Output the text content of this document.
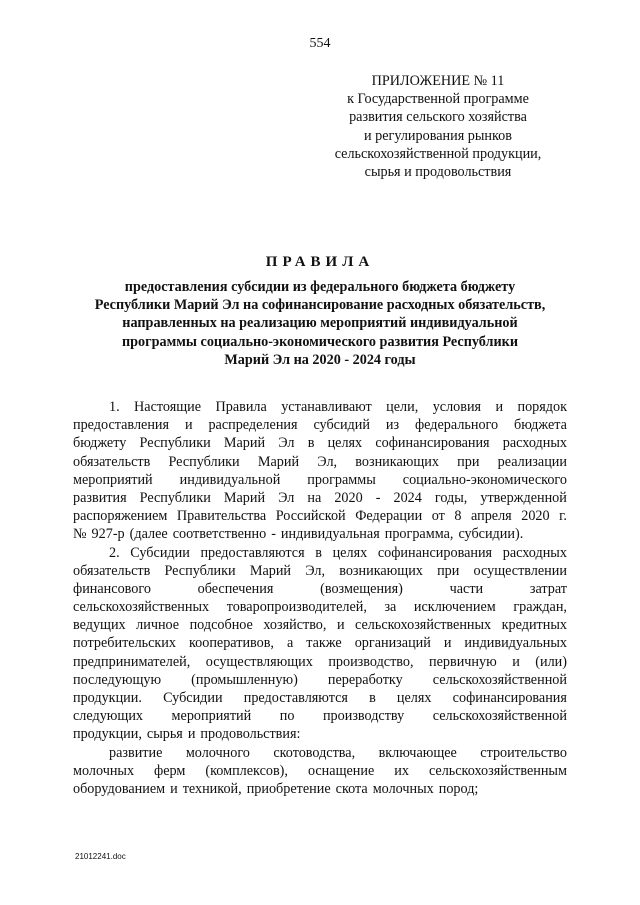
554
ПРИЛОЖЕНИЕ № 11
к Государственной программе
развития сельского хозяйства
и регулирования рынков
сельскохозяйственной продукции,
сырья и продовольствия
ПРАВИЛА
предоставления субсидии из федерального бюджета бюджету
Республики Марий Эл на софинансирование расходных обязательств,
направленных на реализацию мероприятий индивидуальной
программы социально-экономического развития Республики
Марий Эл на 2020 - 2024 годы
1. Настоящие Правила устанавливают цели, условия и порядок
предоставления и распределения субсидий из федерального бюджета
бюджету Республики Марий Эл в целях софинансирования расходных
обязательств Республики Марий Эл, возникающих при реализации
мероприятий индивидуальной программы социально-экономического
развития Республики Марий Эл на 2020 - 2024 годы, утвержденной
распоряжением Правительства Российской Федерации от 8 апреля 2020 г.
№ 927-р (далее соответственно - индивидуальная программа, субсидии).
2. Субсидии предоставляются в целях софинансирования расходных
обязательств Республики Марий Эл, возникающих при осуществлении
финансового	обеспечения	(возмещения)	части	затрат
сельскохозяйственных товаропроизводителей, за исключением граждан,
ведущих личное подсобное хозяйство, и сельскохозяйственных кредитных
потребительских кооперативов, а также организаций и индивидуальных
предпринимателей, осуществляющих производство, первичную и (или)
последующую (промышленную) переработку сельскохозяйственной
продукции. Субсидии предоставляются в целях софинансирования
следующих мероприятий по производству сельскохозяйственной
продукции, сырья и продовольствия:
развитие молочного скотоводства, включающее строительство
молочных ферм (комплексов), оснащение их сельскохозяйственным
оборудованием и техникой, приобретение скота молочных пород;
21012241.doc
